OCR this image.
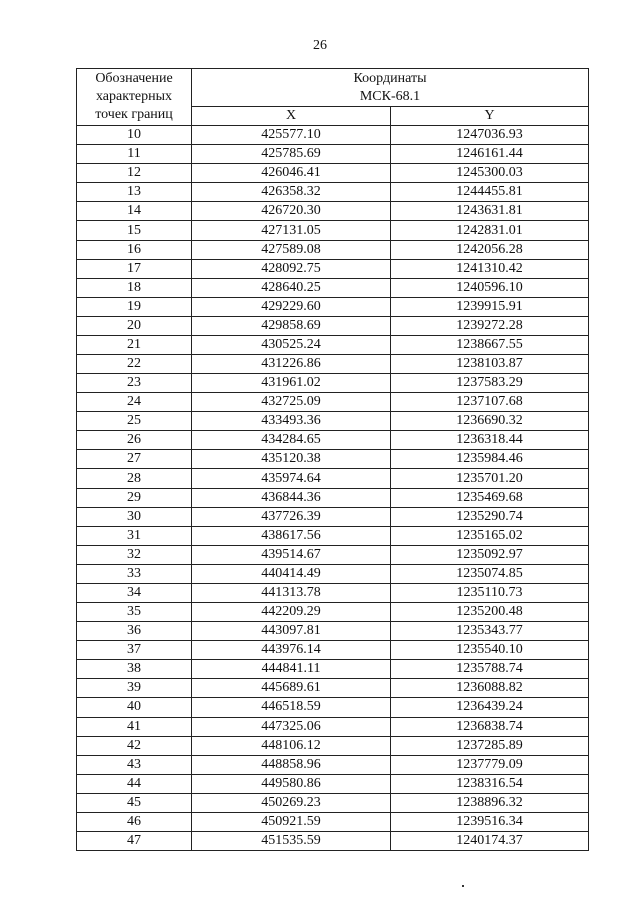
26
Обозначение
характерных
точек границ	Координаты
МСК-68.1	

	X	Y
10	425577.10	1247036.93
11	425785.69	1246161.44
12	426046.41	1245300.03
13	426358.32	1244455.81
14	426720.30	1243631.81
15	427131.05	1242831.01
16	427589.08	1242056.28
17	428092.75	1241310.42
18	428640.25	1240596.10
19	429229.60	1239915.91
20	429858.69	1239272.28
21	430525.24	1238667.55
22	431226.86	1238103.87
23	431961.02	1237583.29
24	432725.09	1237107.68
25	433493.36	1236690.32
26	434284.65	1236318.44
27	435120.38	1235984.46
28	435974.64	1235701.20
29	436844.36	1235469.68
30	437726.39	1235290.74
31	438617.56	1235165.02
32	439514.67	1235092.97
33	440414.49	1235074.85
34	441313.78	1235110.73
35	442209.29	1235200.48
36	443097.81	1235343.77
37	443976.14	1235540.10
38	444841.11	1235788.74
39	445689.61	1236088.82
40	446518.59	1236439.24
41	447325.06	1236838.74
42	448106.12	1237285.89
43	448858.96	1237779.09
44	449580.86	1238316.54
45	450269.23	1238896.32
46	450921.59	1239516.34
47	451535.59	1240174.37
